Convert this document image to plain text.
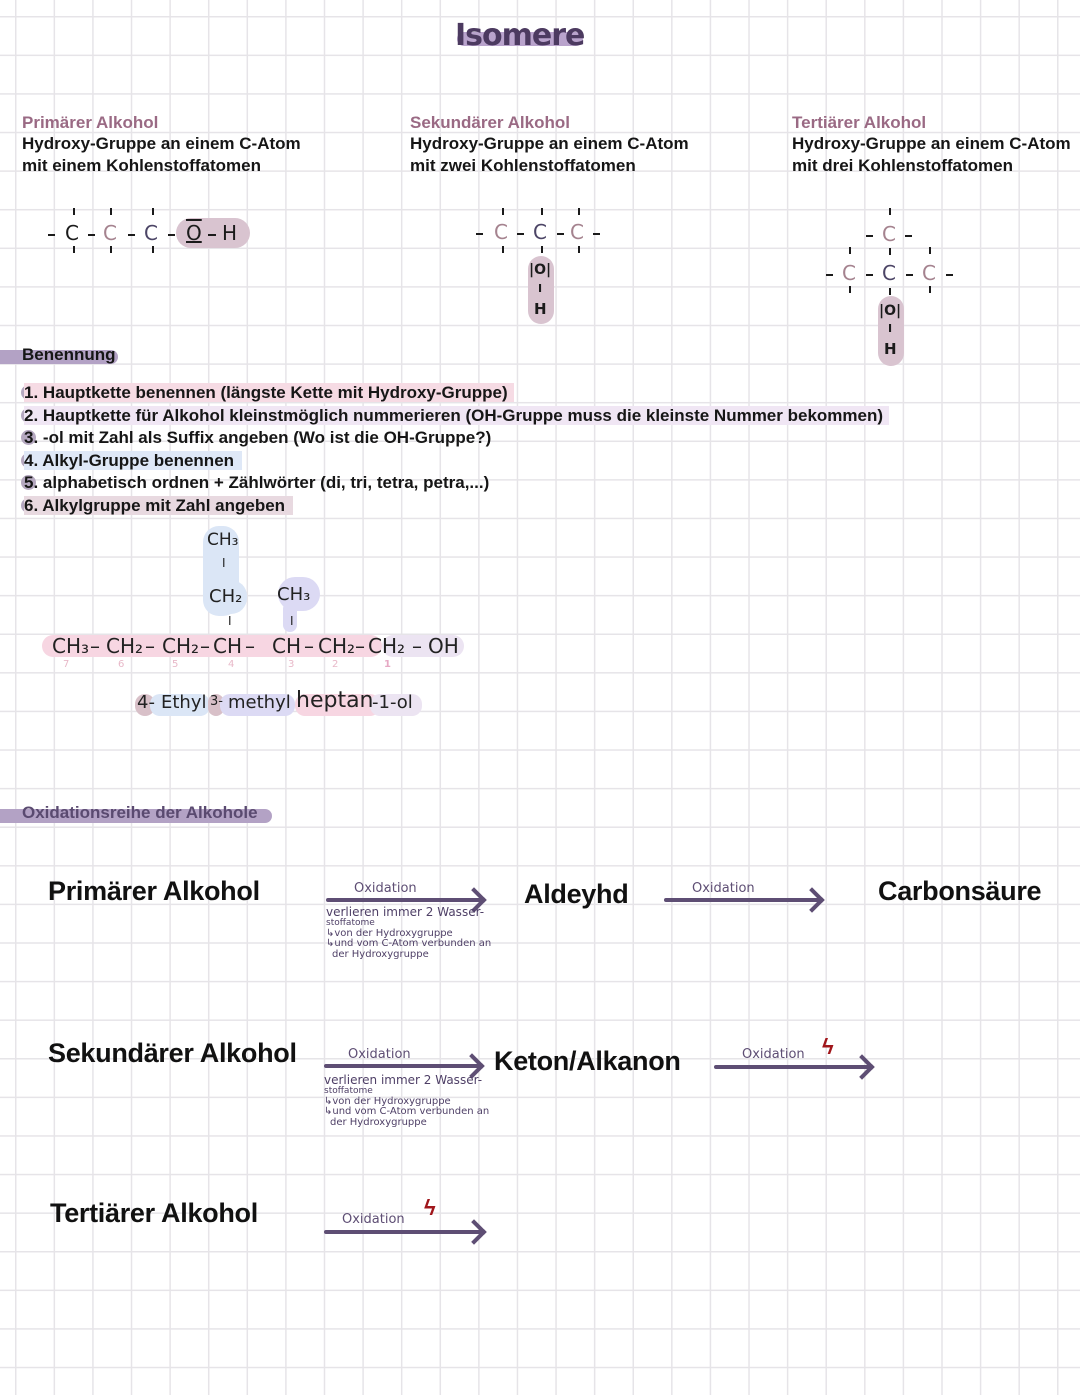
Isomere
Primärer Alkohol
Hydroxy-Gruppe an einem C-Atom
mit einem Kohlenstoffatomen
Sekundärer Alkohol
Hydroxy-Gruppe an einem C-Atom
mit zwei Kohlenstoffatomen
Tertiärer Alkohol
Hydroxy-Gruppe an einem C-Atom
mit drei Kohlenstoffatomen
C C C O H	C C C
|O|
I
H
C
C C C
|O|
I
H
Benennung
1. Hauptkette benennen (längste Kette mit Hydroxy-Gruppe)
2. Hauptkette für Alkohol kleinstmöglich nummerieren (OH-Gruppe muss die kleinste Nummer bekommen)
3. -ol mit Zahl als Suffix angeben (Wo ist die OH-Gruppe?)
4. Alkyl-Gruppe benennen
5. alphabetisch ordnen + Zählwörter (di, tri, tetra, petra,...)
6. Alkylgruppe mit Zahl angeben
CH₃
I
CH₂
I
CH₃
I
CH₃ – CH₂ – CH₂ – CH – CH – CH₂ – CH₂ – OH
7	6	5	4	3	2	1
4- Ethyl 3- methyl heptan
-1-ol
Oxidationsreihe der Alkohole
Primärer Alkohol	Oxidation
verlieren immer 2 Wasser-
stoffatome
↳von der Hydroxygruppe
↳und vom C-Atom verbunden an
der Hydroxygruppe
Aldeyhd	Oxidation	Carbonsäure
Sekundärer Alkohol	Oxidation
verlieren immer 2 Wasser-
stoffatome
↳von der Hydroxygruppe
↳und vom C-Atom verbunden an
der Hydroxygruppe
Keton/Alkanon	Oxidation ϟ
Tertiärer Alkohol	Oxidation ϟ
